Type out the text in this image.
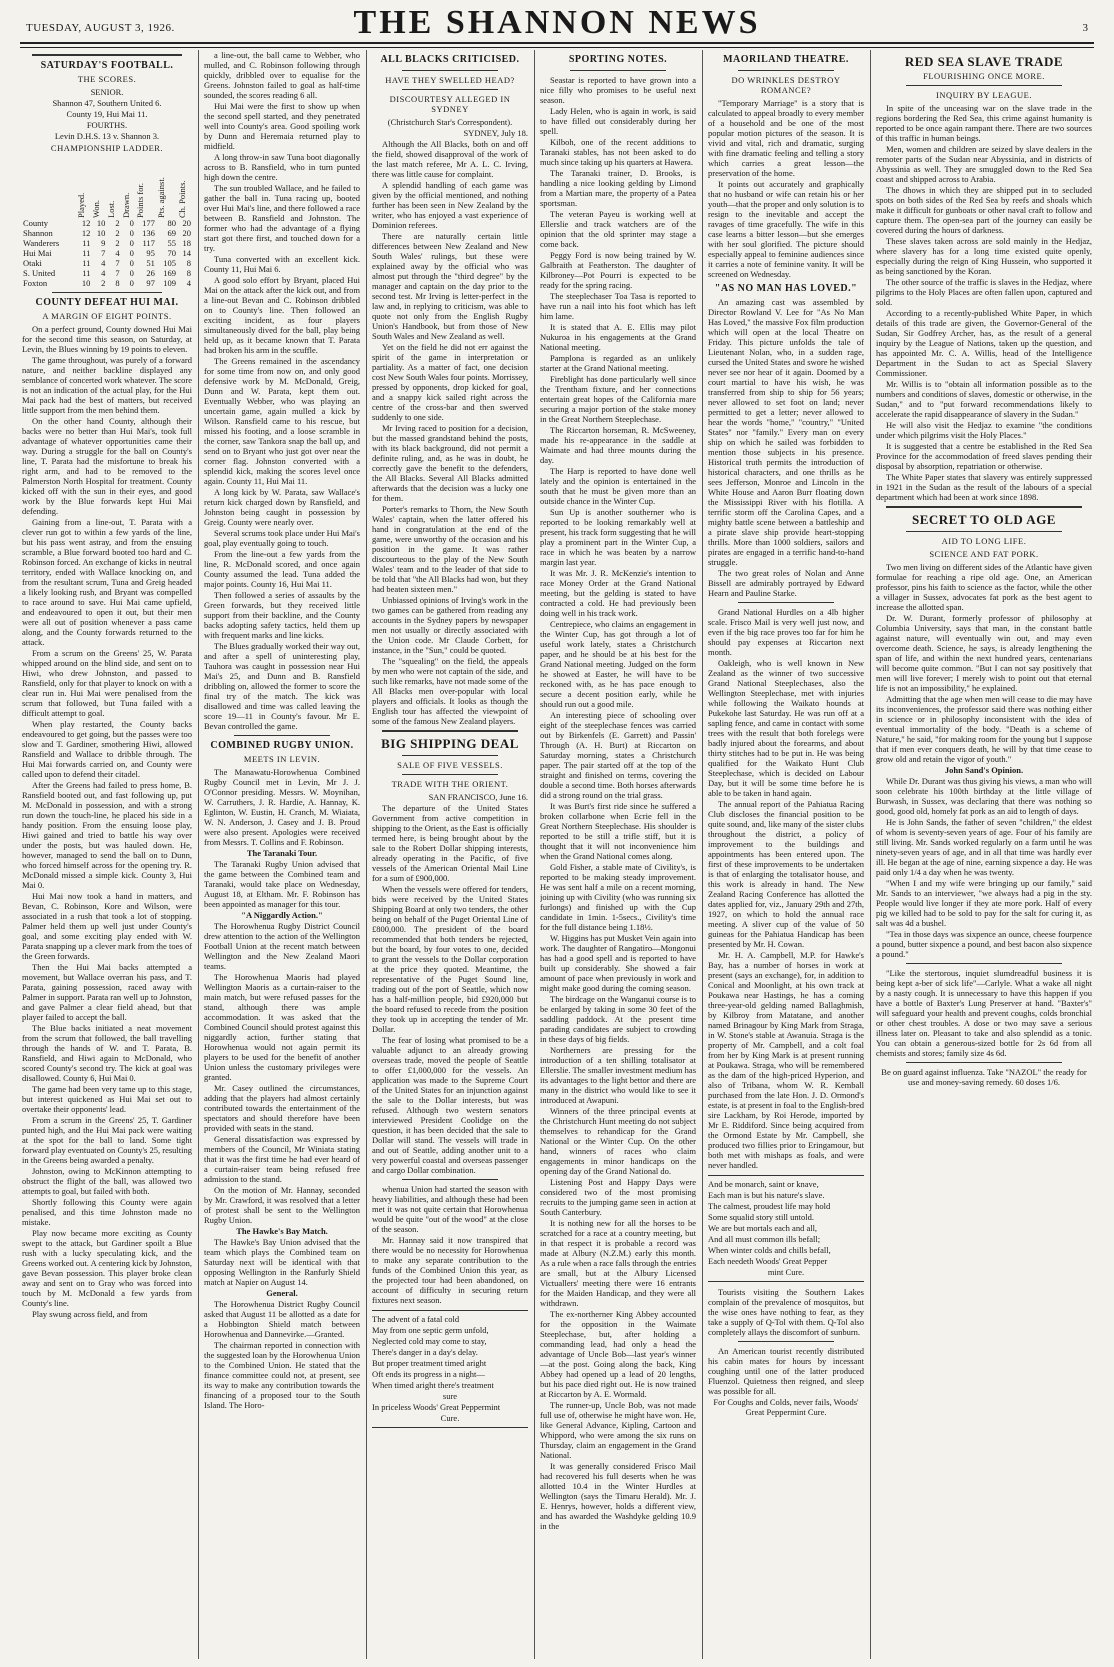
TUESDAY, AUGUST 3, 1926.	THE SHANNON NEWS	3
SATURDAY'S FOOTBALL.
THE SCORES.

SENIOR.

Shannon 47, Southern United 6.

County 19, Hui Mai 11.

FOURTHS.

Levin D.H.S. 13 v. Shannon 3.

CHAMPIONSHIP LADDER.
	Played.	Won.	Lost.	Drawn.	Points for.	Pts. against.	Ch. Points.
County	12	10	2	0	177	80	20
Shannon	12	10	2	0	136	69	20
Wanderers	11	9	2	0	117	55	18
Hui Mai	11	7	4	0	95	70	14
Otaki	11	4	7	0	51	105	8
S. United	11	4	7	0	26	169	8
Foxton	10	2	8	0	97	109	4
COUNTY DEFEAT HUI MAI.
A MARGIN OF EIGHT POINTS.

On a perfect ground, County downed Hui Mai for the second time this season, on Saturday, at Levin, the Blues winning by 19 points to eleven.

The game throughout, was purely of a forward nature, and neither backline displayed any semblance of concerted work whatever. The score is not an indication of the actual play, for the Hui Mai pack had the best of matters, but received little support from the men behind them.

On the other hand County, although their backs were no better than Hui Mai's, took full advantage of whatever opportunities came their way. During a struggle for the ball on County's line, T. Parata had the misfortune to break his right arm, and had to be removed to the Palmerston North Hospital for treatment. County kicked off with the sun in their eyes, and good work by the Blue forwards kept Hui Mai defending.

Gaining from a line-out, T. Parata with a clever run got to within a few yards of the line, but his pass went astray, and from the ensuing scramble, a Blue forward booted too hard and C. Robinson forced. An exchange of kicks in neutral territory, ended with Wallace knocking on, and from the resultant scrum, Tuna and Greig headed a likely looking rush, and Bryant was compelled to race around to save. Hui Mai came upfield, and endeavoured to open it out, but their men were all out of position whenever a pass came along, and the County forwards returned to the attack.

From a scrum on the Greens' 25, W. Parata whipped around on the blind side, and sent on to Hiwi, who drew Johnston, and passed to Ransfield, only for that player to knock on with a clear run in. Hui Mai were penalised from the scrum that followed, but Tuna failed with a difficult attempt to goal.

When play restarted, the County backs endeavoured to get going, but the passes were too slow and T. Gardiner, smothering Hiwi, allowed Ransfield and Wallace to dribble through. The Hui Mai forwards carried on, and County were called upon to defend their citadel.

After the Greens had failed to press home, B. Ransfield booted out, and fast following up, put M. McDonald in possession, and with a strong run down the touch-line, he placed his side in a handy position. From the ensuing loose play, Hiwi gained and tried to battle his way over under the posts, but was hauled down. He, however, managed to send the ball on to Dunn, who forced himself across for the opening try. R. McDonald missed a simple kick. County 3, Hui Mai 0.

Hui Mai now took a hand in matters, and Bevan, C. Robinson, Kore and Wilson, were associated in a rush that took a lot of stopping. Palmer held them up well just under County's goal, and some exciting play ended with W. Parata snapping up a clever mark from the toes of the Green forwards.

Then the Hui Mai backs attempted a movement, but Wallace overran his pass, and T. Parata, gaining possession, raced away with Palmer in support. Parata ran well up to Johnston, and gave Palmer a clear field ahead, but that player failed to accept the ball.

The Blue backs initiated a neat movement from the scrum that followed, the ball travelling through the hands of W. and T. Parata, B. Ransfield, and Hiwi again to McDonald, who scored County's second try. The kick at goal was disallowed. County 6, Hui Mai 0.

The game had been very tame up to this stage, but interest quickened as Hui Mai set out to overtake their opponents' lead.

From a scrum in the Greens' 25, T. Gardiner punted high, and the Hui Mai pack were waiting at the spot for the ball to land. Some tight forward play eventuated on County's 25, resulting in the Greens being awarded a penalty.

Johnston, owing to McKinnon attempting to obstruct the flight of the ball, was allowed two attempts to goal, but failed with both.

Shortly following this County were again penalised, and this time Johnston made no mistake.

Play now became more exciting as County swept to the attack, but Gardiner spoilt a Blue rush with a lucky speculating kick, and the Greens worked out. A centering kick by Johnston, gave Bevan possession. This player broke clean away and sent on to Gray who was forced into touch by M. McDonald a few yards from County's line.

Play swung across field, and from

a line-out, the ball came to Webber, who mulled, and C. Robinson following through quickly, dribbled over to equalise for the Greens. Johnston failed to goal as half-time sounded, the scores reading 6 all.

Hui Mai were the first to show up when the second spell started, and they penetrated well into County's area. Good spoiling work by Dunn and Heremaia returned play to midfield.

A long throw-in saw Tuna boot diagonally across to B. Ransfield, who in turn punted high down the centre.

The sun troubled Wallace, and he failed to gather the ball in. Tuna racing up, booted over Hui Mai's line, and there followed a race between B. Ransfield and Johnston. The former who had the advantage of a flying start got there first, and touched down for a try.

Tuna converted with an excellent kick. County 11, Hui Mai 6.

A good solo effort by Bryant, placed Hui Mai on the attack after the kick out, and from a line-out Bevan and C. Robinson dribbled on to County's line. Then followed an exciting incident, as four players simultaneously dived for the ball, play being held up, as it became known that T. Parata had broken his arm in the scuffle.

The Greens remained in the ascendancy for some time from now on, and only good defensive work by M. McDonald, Greig, Dunn and W. Parata, kept them out. Eventually Webber, who was playing an uncertain game, again mulled a kick by Wilson. Ransfield came to his rescue, but missed his footing, and a loose scramble in the corner, saw Tankora snap the ball up, and send on to Bryant who just got over near the corner flag. Johnston converted with a splendid kick, making the scores level once again. County 11, Hui Mai 11.

A long kick by W. Parata, saw Wallace's return kick charged down by Ransfield, and Johnston being caught in possession by Greig. County were nearly over.

Several scrums took place under Hui Mai's goal, play eventually going to touch.

From the line-out a few yards from the line, R. McDonald scored, and once again County assumed the lead. Tuna added the major points. County 16, Hui Mai 11.

Then followed a series of assaults by the Green forwards, but they received little support from their backline, and the County backs adopting safety tactics, held them up with frequent marks and line kicks.

The Blues gradually worked their way out, and after a spell of uninteresting play, Tauhora was caught in possession near Hui Mai's 25, and Dunn and B. Ransfield dribbling on, allowed the former to score the final try of the match. The kick was disallowed and time was called leaving the score 19—11 in County's favour. Mr E. Bevan controlled the game.

COMBINED RUGBY UNION.
MEETS IN LEVIN.

The Manawatu-Horowhenua Combined Rugby Council met in Levin, Mr J. J. O'Connor presiding. Messrs. W. Moynihan, W. Carruthers, J. R. Hardie, A. Hannay, K. Eglinton, W. Eustin, H. Cranch, M. Wiaiata, W. N. Anderson, J. Casey and J. B. Proud were also present. Apologies were received from Messrs. T. Collins and F. Robinson.

The Taranaki Tour.

The Taranaki Rugby Union advised that the game between the Combined team and Taranaki, would take place on Wednesday, August 18, at Eltham. Mr. F. Robinson has been appointed as manager for this tour.

"A Niggardly Action."

The Horowhenua Rugby District Council drew attention to the action of the Wellington Football Union at the recent match between Wellington and the New Zealand Maori teams.

The Horowhenua Maoris had played Wellington Maoris as a curtain-raiser to the main match, but were refused passes for the stand, although there was ample accommodation. It was asked that the Combined Council should protest against this niggardly action, further stating that Horowhenua would not again permit its players to be used for the benefit of another Union unless the customary privileges were granted.

Mr. Casey outlined the circumstances, adding that the players had almost certainly contributed towards the entertainment of the spectators and should therefore have been provided with seats in the stand.

General dissatisfaction was expressed by members of the Council, Mr Winiata stating that it was the first time he had ever heard of a curtain-raiser team being refused free admission to the stand.

On the motion of Mr. Hannay, seconded by Mr. Crawford, it was resolved that a letter of protest shall be sent to the Wellington Rugby Union.

The Hawke's Bay Match.

The Hawke's Bay Union advised that the team which plays the Combined team on Saturday next will be identical with that opposing Wellington in the Ranfurly Shield match at Napier on August 14.

General.

The Horowhenua District Rugby Council asked that August 11 be allotted as a date for a Hobbington Shield match between Horowhenua and Dannevirke.—Granted.

The chairman reported in connection with the suggested loan by the Horowhenua Union to the Combined Union. He stated that the finance committee could not, at present, see its way to make any contribution towards the financing of a proposed tour to the South Island. The Horo-

ALL BLACKS CRITICISED.
HAVE THEY SWELLED HEAD?
DISCOURTESY ALLEGED IN SYDNEY

(Christchurch Star's Correspondent).

SYDNEY, July 18.

Although the All Blacks, both on and off the field, showed disapproval of the work of the last match referee, Mr A. L. C. Irving, there was little cause for complaint.

A splendid handling of each game was given by the official mentioned, and nothing further has been seen in New Zealand by the writer, who has enjoyed a vast experience of Dominion referees.

There are naturally certain little differences between New Zealand and New South Wales' rulings, but these were explained away by the official who was almost put through the "third degree" by the manager and captain on the day prior to the second test. Mr Irving is letter-perfect in the law and, in replying to criticism, was able to quote not only from the English Rugby Union's Handbook, but from those of New South Wales and New Zealand as well.

Yet on the field he did not err against the spirit of the game in interpretation or partiality. As a matter of fact, one decision cost New South Wales four points. Morrissey, pressed by opponents, drop kicked for goal, and a snappy kick sailed right across the centre of the cross-bar and then swerved suddenly to one side.

Mr Irving raced to position for a decision, but the massed grandstand behind the posts, with its black background, did not permit a definite ruling, and, as he was in doubt, he correctly gave the benefit to the defenders, the All Blacks. Several All Blacks admitted afterwards that the decision was a lucky one for them.

Porter's remarks to Thorn, the New South Wales' captain, when the latter offered his hand in congratulation at the end of the game, were unworthy of the occasion and his position in the game. It was rather discourteous to the play of the New South Wales' team and to the leader of that side to be told that "the All Blacks had won, but they had beaten sixteen men."

Unbiassed opinions of Irving's work in the two games can be gathered from reading any accounts in the Sydney papers by newspaper men not usually or directly associated with the Union code. Mr Claude Corbett, for instance, in the "Sun," could be quoted.

The "squealing" on the field, the appeals by men who were not captain of the side, and such like remarks, have not made some of the All Blacks men over-popular with local players and officials. It looks as though the English tour has affected the viewpoint of some of the famous New Zealand players.

BIG SHIPPING DEAL
SALE OF FIVE VESSELS.
TRADE WITH THE ORIENT.

SAN FRANCISCO, June 16.

The departure of the United States Government from active competition in shipping to the Orient, as the East is officially termed here, is being brought about by the sale to the Robert Dollar shipping interests, already operating in the Pacific, of five vessels of the American Oriental Mail Line for a sum of £900,000.

When the vessels were offered for tenders, bids were received by the United States Shipping Board at only two tenders, the other being on behalf of the Puget Oriental Line of £800,000. The president of the board recommended that both tenders be rejected, but the board, by four votes to one, decided to grant the vessels to the Dollar corporation at the price they quoted. Meantime, the representative of the Puget Sound line, trading out of the port of Seattle, which now has a half-million people, bid £920,000 but the board refused to recede from the position they took up in accepting the tender of Mr. Dollar.

The fear of losing what promised to be a valuable adjunct to an already growing overseas trade, moved the people of Seattle to offer £1,000,000 for the vessels. An application was made to the Supreme Court of the United States for an injunction against the sale to the Dollar interests, but was refused. Although two western senators interviewed President Coolidge on the question, it has been decided that the sale to Dollar will stand. The vessels will trade in and out of Seattle, adding another unit to a very powerful coastal and overseas passenger and cargo Dollar combination.

whenua Union had started the season with heavy liabilities, and although these had been met it was not quite certain that Horowhenua would be quite "out of the wood" at the close of the season.

Mr. Hannay said it now transpired that there would be no necessity for Horowhenua to make any separate contribution to the funds of the Combined Union this year, as the projected tour had been abandoned, on account of difficulty in securing return fixtures next season.

The advent of a fatal cold

May from one septic germ unfold,

Neglected cold may come to stay,

There's danger in a day's delay.

But proper treatment timed aright

Oft ends its progress in a night—

When timed aright there's treatment

sure

In priceless Woods' Great Peppermint

Cure.

SPORTING NOTES.

Seastar is reported to have grown into a nice filly who promises to be useful next season.

Lady Helen, who is again in work, is said to have filled out considerably during her spell.

Kilboh, one of the recent additions to Taranaki stables, has not been asked to do much since taking up his quarters at Hawera.

The Taranaki trainer, D. Brooks, is handling a nice looking gelding by Limond from a Martian mare, the property of a Patea sportsman.

The veteran Payeu is working well at Ellerslie and track watchers are of the opinion that the old sprinter may stage a come back.

Peggy Ford is now being trained by W. Galbraith at Featherston. The daughter of Kilbroney—Pot Pourri is expected to be ready for the spring racing.

The steeplechaser Toa Tasa is reported to have run a nail into his foot which has left him lame.

It is stated that A. E. Ellis may pilot Nukuroa in his engagements at the Grand National meeting.

Pamplona is regarded as an unlikely starter at the Grand National meeting.

Fireblight has done particularly well since the Trentham fixture, and her connections entertain great hopes of the California mare securing a major portion of the stake money in the Great Northern Steeplechase.

The Riccarton horseman, R. McSweeney, made his re-appearance in the saddle at Waimate and had three mounts during the day.

The Harp is reported to have done well lately and the opinion is entertained in the south that he must be given more than an outside chance in the Winter Cup.

Sun Up is another southerner who is reported to be looking remarkably well at present, his track form suggesting that he will play a prominent part in the Winter Cup, a race in which he was beaten by a narrow margin last year.

It was Mr. J. R. McKenzie's intention to race Money Order at the Grand National meeting, but the gelding is stated to have contracted a cold. He had previously been doing well in his track work.

Centrepiece, who claims an engagement in the Winter Cup, has got through a lot of useful work lately, states a Christchurch paper, and he should be at his best for the Grand National meeting. Judged on the form he showed at Easter, he will have to be reckoned with, as he has pace enough to secure a decent position early, while he should run out a good mile.

An interesting piece of schooling over eight of the steeplechase fences was carried out by Birkenfels (E. Garrett) and Passin' Through (A. H. Burt) at Riccarton on Saturday morning, states a Christchurch paper. The pair started off at the top of the straight and finished on terms, covering the double a second time. Both horses afterwards did a strong round on the trial grass.

It was Burt's first ride since he suffered a broken collarbone when Ecrie fell in the Great Northern Steeplechase. His shoulder is reported to be still a trifle stiff, but it is thought that it will not inconvenience him when the Grand National comes along.

Gold Fisher, a stable mate of Civility's, is reported to be making steady improvement. He was sent half a mile on a recent morning, joining up with Civility (who was running six furlongs) and finished up with the Cup candidate in 1min. 1-5secs., Civility's time for the full distance being 1.18½.

W. Higgins has put Musket Vein again into work. The daughter of Rangatiro—Mongonui has had a good spell and is reported to have built up considerably. She showed a fair amount of pace when previously in work and might make good during the coming season.

The birdcage on the Wanganui course is to be enlarged by taking in some 30 feet of the saddling paddock. At the present time parading candidates are subject to crowding in these days of big fields.

Northerners are pressing for the introduction of a ten shilling totalisator at Ellerslie. The smaller investment medium has its advantages to the light bettor and there are many in the district who would like to see it introduced at Awapuni.

Winners of the three principal events at the Christchurch Hunt meeting do not subject themselves to rehandicap for the Grand National or the Winter Cup. On the other hand, winners of races who claim engagements in minor handicaps on the opening day of the Grand National do.

Listening Post and Happy Days were considered two of the most promising recruits to the jumping game seen in action at South Canterbury.

It is nothing new for all the horses to be scratched for a race at a country meeting, but in that respect it is probable a record was made at Albury (N.Z.M.) early this month. As a rule when a race falls through the entries are small, but at the Albury Licensed Victuallers' meeting there were 16 entrants for the Maiden Handicap, and they were all withdrawn.

The ex-northerner King Abbey accounted for the opposition in the Waimate Steeplechase, but, after holding a commanding lead, had only a head the advantage of Uncle Bob—last year's winner—at the post. Going along the back, King Abbey had opened up a lead of 20 lengths, but his pace died right out. He is now trained at Riccarton by A. E. Wormald.

The runner-up, Uncle Bob, was not made full use of, otherwise he might have won. He, like General Advance, Kipling, Cartoon and Whippord, who were among the six runs on Thursday, claim an engagement in the Grand National.

It was generally considered Frisco Mail had recovered his full deserts when he was allotted 10.4 in the Winter Hurdles at Wellington (says the Timaru Herald). Mr. J. E. Henrys, however, holds a different view, and has awarded the Washdyke gelding 10.9 in the

MAORILAND THEATRE.
DO WRINKLES DESTROY ROMANCE?

"Temporary Marriage" is a story that is calculated to appeal broadly to every member of a household and be one of the most popular motion pictures of the season. It is vivid and vital, rich and dramatic, surging with fine dramatic feeling and telling a story which carries a great lesson—the preservation of the home.

It points out accurately and graphically that no husband or wife can retain his or her youth—that the proper and only solution is to resign to the inevitable and accept the ravages of time gracefully. The wife in this case learns a bitter lesson—but she emerges with her soul glorified. The picture should especially appeal to feminine audiences since it carries a note of feminine vanity. It will be screened on Wednesday.

"AS NO MAN HAS LOVED."

An amazing cast was assembled by Director Rowland V. Lee for "As No Man Has Loved," the massive Fox film production which will open at the local Theatre on Friday. This picture unfolds the tale of Lieutenant Nolan, who, in a sudden rage, cursed the United States and swore he wished never see nor hear of it again. Doomed by a court martial to have his wish, he was transferred from ship to ship for 56 years; never allowed to set foot on land; never permitted to get a letter; never allowed to hear the words "home," "country," "United States" nor "family." Every man on every ship on which he sailed was forbidden to mention those subjects in his presence. Historical truth permits the introduction of historical characters, and one thrills as he sees Jefferson, Monroe and Lincoln in the White House and Aaron Burr floating down the Mississippi River with his flotilla. A terrific storm off the Carolina Capes, and a mighty battle scene between a battleship and a pirate slave ship provide heart-stopping thrills. More than 1000 soldiers, sailors and pirates are engaged in a terrific hand-to-hand struggle.

The two great roles of Nolan and Anne Bissell are admirably portrayed by Edward Hearn and Pauline Starke.

Grand National Hurdles on a 4lb higher scale. Frisco Mail is very well just now, and even if the big race proves too far for him he should pay expenses at Riccarton next month.

Oakleigh, who is well known in New Zealand as the winner of two successive Grand National Steeplechases, also the Wellington Steeplechase, met with injuries while following the Waikato hounds at Pukekohe last Saturday. He was run off at a sapling fence, and came in contact with some trees with the result that both forelegs were badly injured about the forearms, and about thirty stitches had to be put in. He was being qualified for the Waikato Hunt Club Steeplechase, which is decided on Labour Day, but it will be some time before he is able to be taken in hand again.

The annual report of the Pahiatua Racing Club discloses the financial position to be quite sound, and, like many of the sister clubs throughout the district, a policy of improvement to the buildings and appointments has been entered upon. The first of these improvements to be undertaken is that of enlarging the totalisator house, and this work is already in hand. The New Zealand Racing Conference has allotted the dates applied for, viz., January 29th and 27th, 1927, on which to hold the annual race meeting. A sliver cup of the value of 50 guineas for the Pahiatua Handicap has been presented by Mr. H. Cowan.

Mr. H. A. Campbell, M.P. for Hawke's Bay, has a number of horses in work at present (says an exchange), for, in addition to Conical and Moonlight, at his own track at Poukawa near Hastings, he has a coming three-year-old gelding named Ballaghmish, by Kilbroy from Matatane, and another named Brinagour by King Mark from Straga, in W. Stone's stable at Awanuia. Straga is the property of Mr. Campbell, and a colt foal from her by King Mark is at present running at Poukawa. Straga, who will be remembered as the dam of the high-priced Hyperion, and also of Tribana, whom W. R. Kemball purchased from the late Hon. J. D. Ormond's estate, is at present in foal to the English-bred sire Lackham, by Roi Herode, imported by Mr E. Riddiford. Since being acquired from the Ormond Estate by Mr. Campbell, she produced two fillies prior to Eringamour, but both met with mishaps as foals, and were never handled.

And be monarch, saint or knave,

Each man is but his nature's slave.

The calmest, proudest life may hold

Some squalid story still untold.

We are but mortals each and all,

And all must common ills befall;

When winter colds and chills befall,

Each needeth Woods' Great Pepper

mint Cure.

Tourists visiting the Southern Lakes complain of the prevalence of mosquitos, but the wise ones have nothing to fear, as they take a supply of Q-Tol with them. Q-Tol also completely allays the discomfort of sunburn.

An American tourist recently distributed his cabin mates for hours by incessant coughing until one of the latter produced Fluenzol. Quietness then reigned, and sleep was possible for all.

For Coughs and Colds, never fails, Woods' Great Peppermint Cure.

RED SEA SLAVE TRADE
FLOURISHING ONCE MORE.
INQUIRY BY LEAGUE.

In spite of the unceasing war on the slave trade in the regions bordering the Red Sea, this crime against humanity is reported to be once again rampant there. There are two sources of this traffic in human beings.

Men, women and children are seized by slave dealers in the remoter parts of the Sudan near Abyssinia, and in districts of Abyssinia as well. They are smuggled down to the Red Sea coast and shipped across to Arabia.

The dhows in which they are shipped put in to secluded spots on both sides of the Red Sea by reefs and shoals which make it difficult for gunboats or other naval craft to follow and capture them. The open-sea part of the journey can easily be covered during the hours of darkness.

These slaves taken across are sold mainly in the Hedjaz, where slavery has for a long time existed quite openly, especially during the reign of King Hussein, who supported it as being sanctioned by the Koran.

The other source of the traffic is slaves in the Hedjaz, where pilgrims to the Holy Places are often fallen upon, captured and sold.

According to a recently-published White Paper, in which details of this trade are given, the Governor-General of the Sudan, Sir Godfrey Archer, has, as the result of a general inquiry by the League of Nations, taken up the question, and has appointed Mr. C. A. Willis, head of the Intelligence Department in the Sudan to act as Special Slavery Commissioner.

Mr. Willis is to "obtain all information possible as to the numbers and conditions of slaves, domestic or otherwise, in the Sudan," and to "put forward recommendations likely to accelerate the rapid disappearance of slavery in the Sudan."

He will also visit the Hedjaz to examine "the conditions under which pilgrims visit the Holy Places."

It is suggested that a centre be established in the Red Sea Province for the accommodation of freed slaves pending their disposal by absorption, repatriation or otherwise.

The White Paper states that slavery was entirely suppressed in 1921 in the Sudan as the result of the labours of a special department which had been at work since 1898.

SECRET TO OLD AGE
AID TO LONG LIFE.
SCIENCE AND FAT PORK.

Two men living on different sides of the Atlantic have given formulae for reaching a ripe old age. One, an American professor, pins his faith to science as the factor, while the other a villager in Sussex, advocates fat pork as the best agent to increase the allotted span.

Dr. W. Durant, formerly professor of philosophy at Columbia University, says that man, in the constant battle against nature, will eventually win out, and may even overcome death. Science, he says, is already lengthening the span of life, and within the next hundred years, centenarians will become quite common. "But I can not say positively that men will live forever; I merely wish to point out that eternal life is not an impossibility," he explained.

Admitting that the age when men will cease to die may have its inconveniences, the professor said there was nothing either in science or in philosophy inconsistent with the idea of eventual immortality of the body. "Death is a scheme of Nature," he said, "for making room for the young but I suppose that if men ever conquers death, he will by that time cease to grow old and retain the vigor of youth."

John Sand's Opinion.

While Dr. Durant was thus giving his views, a man who will soon celebrate his 100th birthday at the little village of Burwash, in Sussex, was declaring that there was nothing so good, good old, homely fat pork as an aid to length of days.

He is John Sands, the father of seven "children," the eldest of whom is seventy-seven years of age. Four of his family are still living. Mr. Sands worked regularly on a farm until he was ninety-seven years of age, and in all that time was hardly ever ill. He began at the age of nine, earning sixpence a day. He was paid only 1/4 a day when he was twenty.

"When I and my wife were bringing up our family," said Mr. Sands to an interviewer, "we always had a pig in the sty. People would live longer if they ate more pork. Half of every pig we killed had to be sold to pay for the salt for curing it, as salt was 4d a bushel.

"Tea in those days was sixpence an ounce, cheese fourpence a pound, butter sixpence a pound, and best bacon also sixpence a pound."

"Like the stertorous, inquiet slumdreadful business it is being kept a-ber of sick life"—Carlyle. What a wake all night by a nasty cough. It is unnecessary to have this happen if you have a bottle of Baxter's Lung Preserver at hand. "Baxter's" will safeguard your health and prevent coughs, colds bronchial or other chest troubles. A dose or two may save a serious illness later on. Pleasant to take and also splendid as a tonic. You can obtain a generous-sized bottle for 2s 6d from all chemists and stores; family size 4s 6d.

Be on guard against influenza. Take "NAZOL" the ready for use and money-saving remedy. 60 doses 1/6.
